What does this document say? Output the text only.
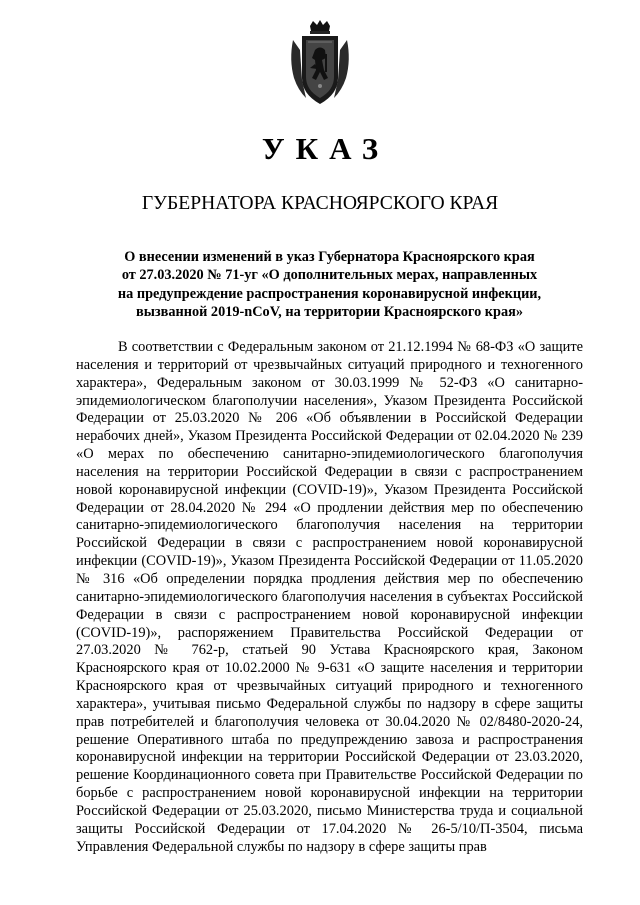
УКАЗ
ГУБЕРНАТОРА КРАСНОЯРСКОГО КРАЯ
О внесении изменений в указ Губернатора Красноярского края
от 27.03.2020 № 71-уг «О дополнительных мерах, направленных
на предупреждение распространения коронавирусной инфекции,
вызванной 2019-nCoV, на территории Красноярского края»

В соответствии с Федеральным законом от 21.12.1994 № 68-ФЗ «О защите населения и территорий от чрезвычайных ситуаций природного и техногенного характера», Федеральным законом от 30.03.1999 № 52-ФЗ «О санитарно-эпидемиологическом благополучии населения», Указом Президента Российской Федерации от 25.03.2020 № 206 «Об объявлении в Российской Федерации нерабочих дней», Указом Президента Российской Федерации от 02.04.2020 № 239 «О мерах по обеспечению санитарно-эпидемиологического благополучия населения на территории Российской Федерации в связи с распространением новой коронавирусной инфекции (COVID-19)», Указом Президента Российской Федерации от 28.04.2020 № 294 «О продлении действия мер по обеспечению санитарно-эпидемиологического благополучия населения на территории Российской Федерации в связи с распространением новой коронавирусной инфекции (COVID-19)», Указом Президента Российской Федерации от 11.05.2020 № 316 «Об определении порядка продления действия мер по обеспечению санитарно-эпидемиологического благополучия населения в субъектах Российской Федерации в связи с распространением новой коронавирусной инфекции (COVID-19)», распоряжением Правительства Российской Федерации от 27.03.2020 № 762-р, статьей 90 Устава Красноярского края, Законом Красноярского края от 10.02.2000 № 9-631 «О защите населения и территории Красноярского края от чрезвычайных ситуаций природного и техногенного характера», учитывая письмо Федеральной службы по надзору в сфере защиты прав потребителей и благополучия человека от 30.04.2020 № 02/8480-2020-24, решение Оперативного штаба по предупреждению завоза и распространения коронавирусной инфекции на территории Российской Федерации от 23.03.2020, решение Координационного совета при Правительстве Российской Федерации по борьбе с распространением новой коронавирусной инфекции на территории Российской Федерации от 25.03.2020, письмо Министерства труда и социальной защиты Российской Федерации от 17.04.2020 № 26-5/10/П-3504, письма Управления Федеральной службы по надзору в сфере защиты прав
